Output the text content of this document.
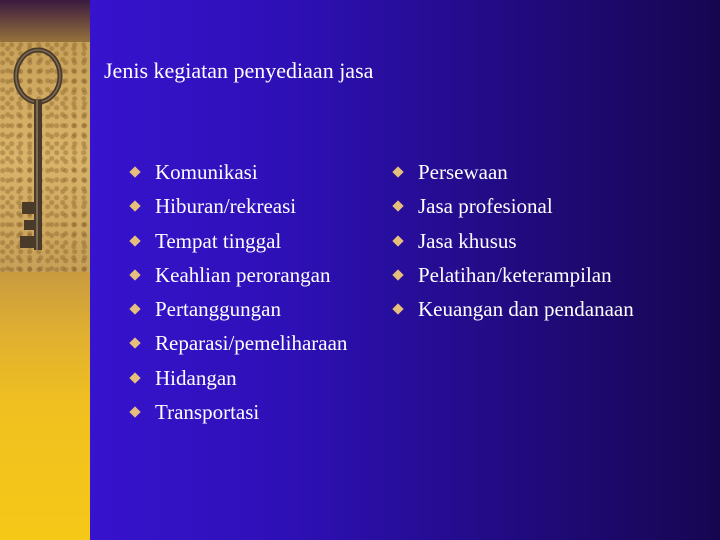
Jenis kegiatan penyediaan jasa
Komunikasi
Hiburan/rekreasi
Tempat tinggal
Keahlian perorangan
Pertanggungan
Reparasi/pemeliharaan
Hidangan
Transportasi
Persewaan
Jasa profesional
Jasa khusus
Pelatihan/keterampilan
Keuangan dan pendanaan
